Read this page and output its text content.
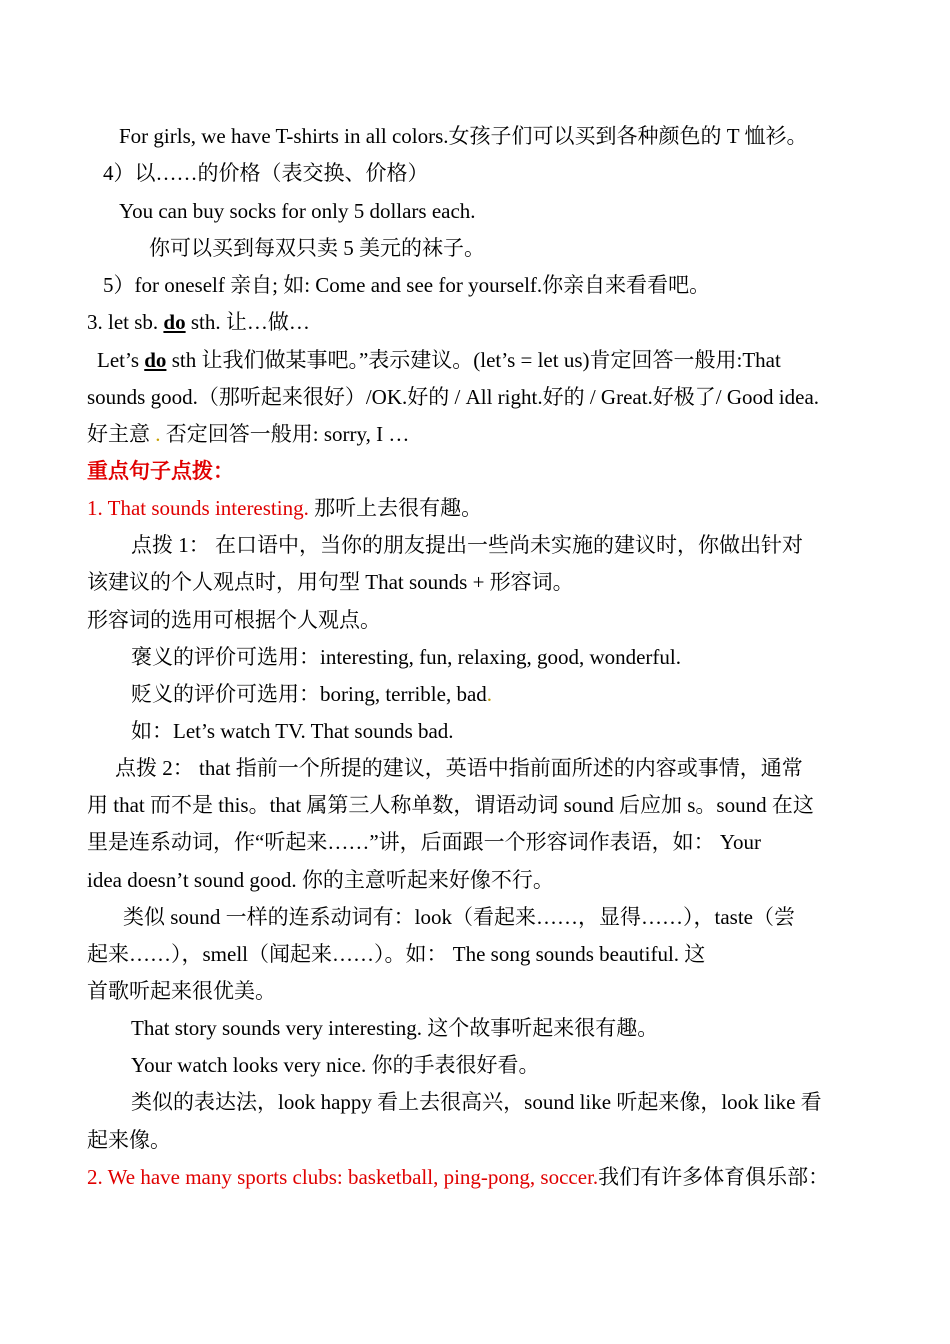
For girls, we have T-shirts in all colors.女孩子们可以买到各种颜色的 T 恤衫。
4）以……的价格（表交换、价格）
You can buy socks for only 5 dollars each.
你可以买到每双只卖 5 美元的袜子。
5）for oneself 亲自; 如: Come and see for yourself.你亲自来看看吧。
3. let sb. do sth. 让…做…
Let’s do sth 让我们做某事吧。”表示建议。(let’s = let us)肯定回答一般用:That
sounds good.（那听起来很好）/OK.好的 / All right.好的 / Great.好极了/ Good idea.
好主意 . 否定回答一般用: sorry, I …
重点句子点拨：
1. That sounds interesting. 那听上去很有趣。
点拨 1： 在口语中，当你的朋友提出一些尚未实施的建议时，你做出针对
该建议的个人观点时，用句型 That sounds + 形容词。
形容词的选用可根据个人观点。
褒义的评价可选用：interesting, fun, relaxing, good, wonderful.
贬义的评价可选用：boring, terrible, bad.
如：Let’s watch TV. That sounds bad.
点拨 2： that 指前一个所提的建议，英语中指前面所述的内容或事情，通常
用 that 而不是 this。that 属第三人称单数，谓语动词 sound 后应加 s。sound 在这
里是连系动词，作“听起来……”讲，后面跟一个形容词作表语，如： Your
idea doesn’t sound good. 你的主意听起来好像不行。
类似 sound 一样的连系动词有：look（看起来……，显得……），taste（尝
起来……），smell（闻起来……）。如： The song sounds beautiful. 这
首歌听起来很优美。
That story sounds very interesting. 这个故事听起来很有趣。
Your watch looks very nice. 你的手表很好看。
类似的表达法，look happy 看上去很高兴，sound like 听起来像，look like 看
起来像。
2. We have many sports clubs: basketball, ping-pong, soccer.我们有许多体育俱乐部：
